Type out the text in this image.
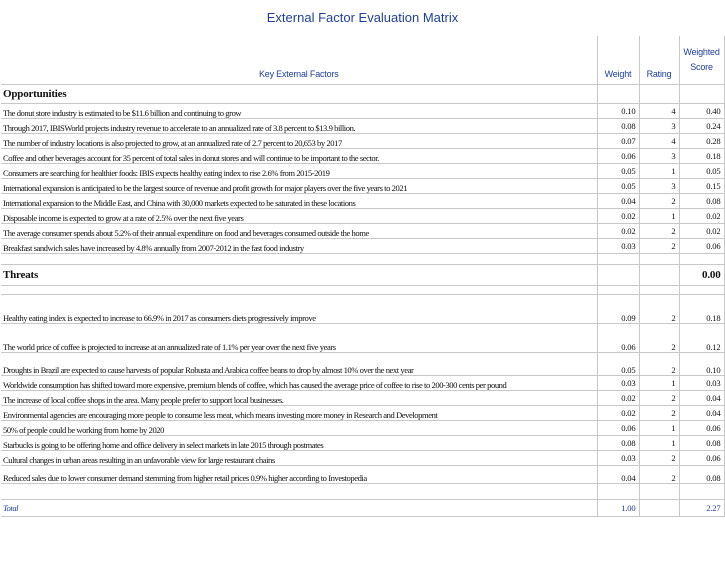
External Factor Evaluation Matrix
Key External Factors	Weight	Rating	Weighted
Score
Opportunities			
The donut store industry is estimated to be $11.6 billion and continuing to grow	0.10	4	0.40
Through 2017, IBISWorld projects industry revenue to accelerate to an annualized rate of 3.8 percent to $13.9 billion.	0.08	3	0.24
The number of industry locations is also projected to grow, at an annualized rate of 2.7 percent to 20,653 by 2017	0.07	4	0.28
Coffee and other beverages account for 35 percent of total sales in donut stores and will continue to be important to the sector.	0.06	3	0.18
Consumers are searching for healthier foods: IBIS expects healthy eating index to rise 2.6% from 2015-2019	0.05	1	0.05
International expansion is anticipated to be the largest source of revenue and profit growth for major players over the five years to 2021	0.05	3	0.15
International expansion to the Middle East, and China with 30,000 markets expected to be saturated in these locations	0.04	2	0.08
Disposable income is expected to grow at a rate of 2.5% over the next five years	0.02	1	0.02
The average consumer spends about 5.2% of their annual expenditure on food and beverages consumed outside the home	0.02	2	0.02
Breakfast sandwich sales have increased by 4.8% annually from 2007-2012 in the fast food industry	0.03	2	0.06

Threats			0.00

Healthy eating index is expected to increase to 66.9% in 2017 as consumers diets progressively improve	0.09	2	0.18
The world price of coffee is projected to increase at an annualized rate of 1.1% per year over the next five years	0.06	2	0.12
Droughts in Brazil are expected to cause harvests of popular Robusta and Arabica coffee beans to drop by almost 10% over the next year	0.05	2	0.10
Worldwide consumption has shifted toward more expensive, premium blends of coffee, which has caused the average price of coffee to rise to 200-300 cents per pound	0.03	1	0.03
The increase of local coffee shops in the area. Many people prefer to support local businesses.	0.02	2	0.04
Environmental agencies are encouraging more people to consume less meat, which means investing more money in Research and Development	0.02	2	0.04
50% of people could be working from home by 2020	0.06	1	0.06
Starbucks is going to be offering home and office delivery in select markets in late 2015 through postmates	0.08	1	0.08
Cultural changes in urban areas resulting in an unfavorable view for large restaurant chains	0.03	2	0.06
Reduced sales due to lower consumer demand stemming from higher retail prices 0.9% higher according to Investopedia	0.04	2	0.08

Total	1.00		2.27
